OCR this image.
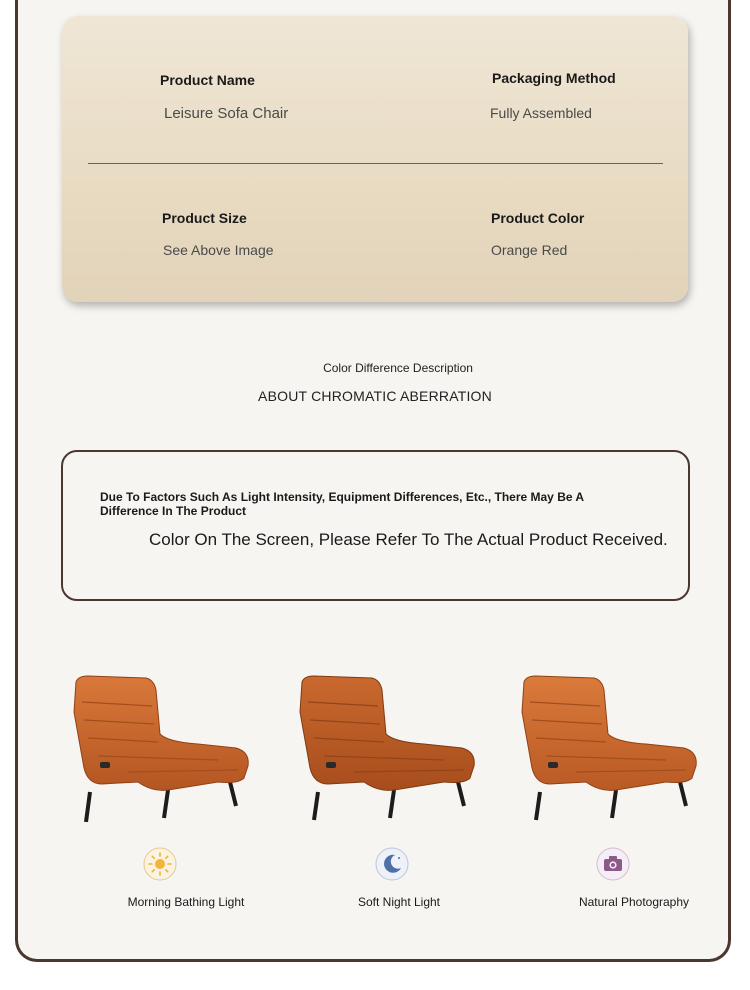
Product Name
Leisure Sofa Chair
Packaging Method
Fully Assembled
Product Size
See Above Image
Product Color
Orange Red
Color Difference Description
ABOUT CHROMATIC ABERRATION
Due To Factors Such As Light Intensity, Equipment Differences, Etc., There May Be A Difference In The Product
Color On The Screen, Please Refer To The Actual Product Received.
Morning Bathing Light	Soft Night Light	Natural Photography
